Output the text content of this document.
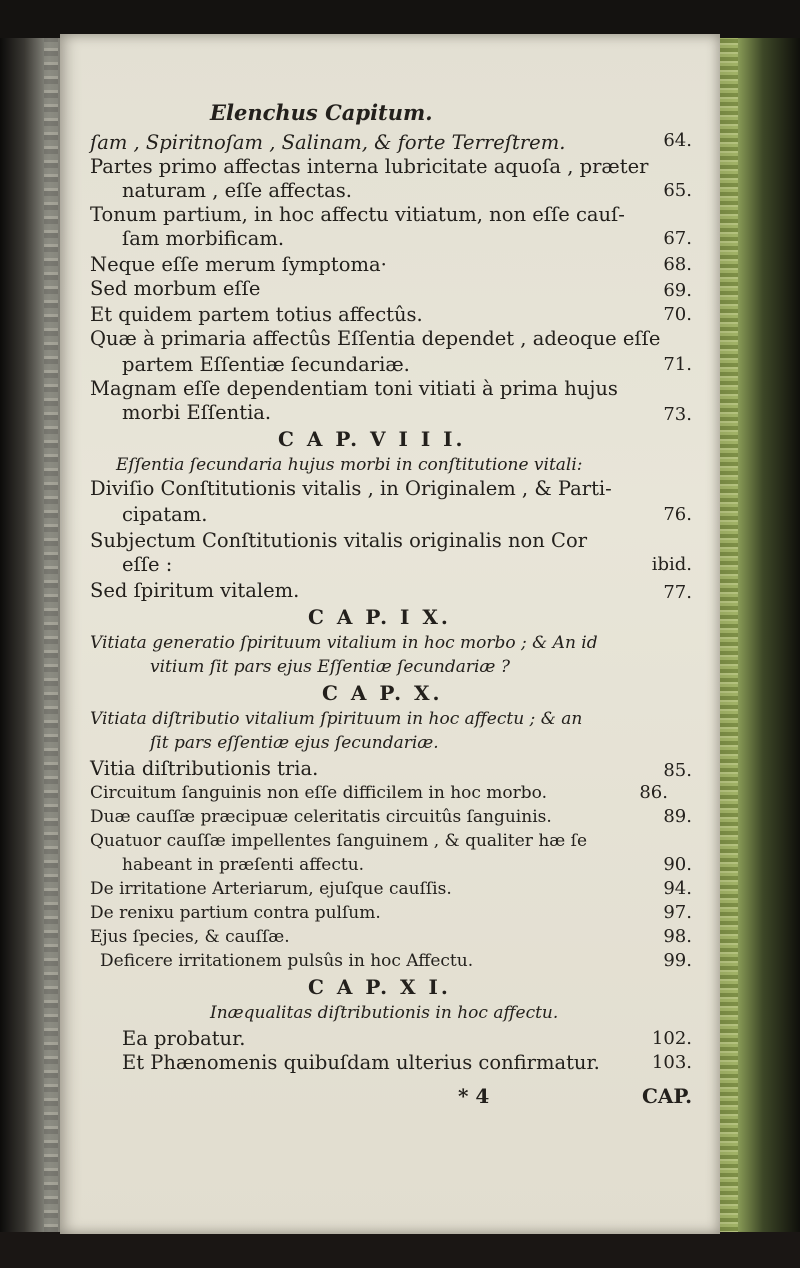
Elenchus Capitum.
ſam , Spiritnoſam , Salinam, & forte Terreſtrem.
Partes primo affectas interna lubricitate aquoſa , præter
naturam , eſſe affectas.
Tonum partium, in hoc affectu vitiatum, non eſſe cauſ-
ſam morbificam.
Neque eſſe merum ſymptoma·
Sed morbum eſſe
Et quidem partem totius affectûs.
Quæ à primaria affectûs Eſſentia dependet , adeoque eſſe
partem Eſſentiæ ſecundariæ.
Magnam eſſe dependentiam toni vitiati à prima hujus
morbi Eſſentia.
C A P. V I I I.
Eſſentia ſecundaria hujus morbi in conſtitutione vitali:
Diviſio Conſtitutionis vitalis , in Originalem , & Parti-
cipatam.
Subjectum Conſtitutionis vitalis originalis non Cor
eſſe :
Sed ſpiritum vitalem.
C A P. I X.
Vitiata generatio ſpirituum vitalium in hoc morbo ; & An id
vitium ſit pars ejus Eſſentiæ ſecundariæ ?
C A P. X.
Vitiata diſtributio vitalium ſpirituum in hoc affectu ; & an
ſit pars eſſentiæ ejus ſecundariæ.
Vitia diſtributionis tria.
Circuitum ſanguinis non eſſe difficilem in hoc morbo.
Duæ cauſſæ præcipuæ celeritatis circuitûs ſanguinis.
Quatuor cauſſæ impellentes ſanguinem , & qualiter hæ ſe
habeant in præſenti affectu.
De irritatione Arteriarum, ejuſque cauſſis.
De renixu partium contra pulſum.
Ejus ſpecies, & cauſſæ.
Deficere irritationem pulsûs in hoc Affectu.
C A P. X I.
Inæqualitas diſtributionis in hoc affectu.
Ea probatur.
Et Phænomenis quibuſdam ulterius confirmatur.
64.
65.
67.
68.
69.
70.
71.
73.
76.
ibid.
77.
85.
86.
89.
90.
94.
97.
98.
99.
102.
103.
* 4	CAP.
